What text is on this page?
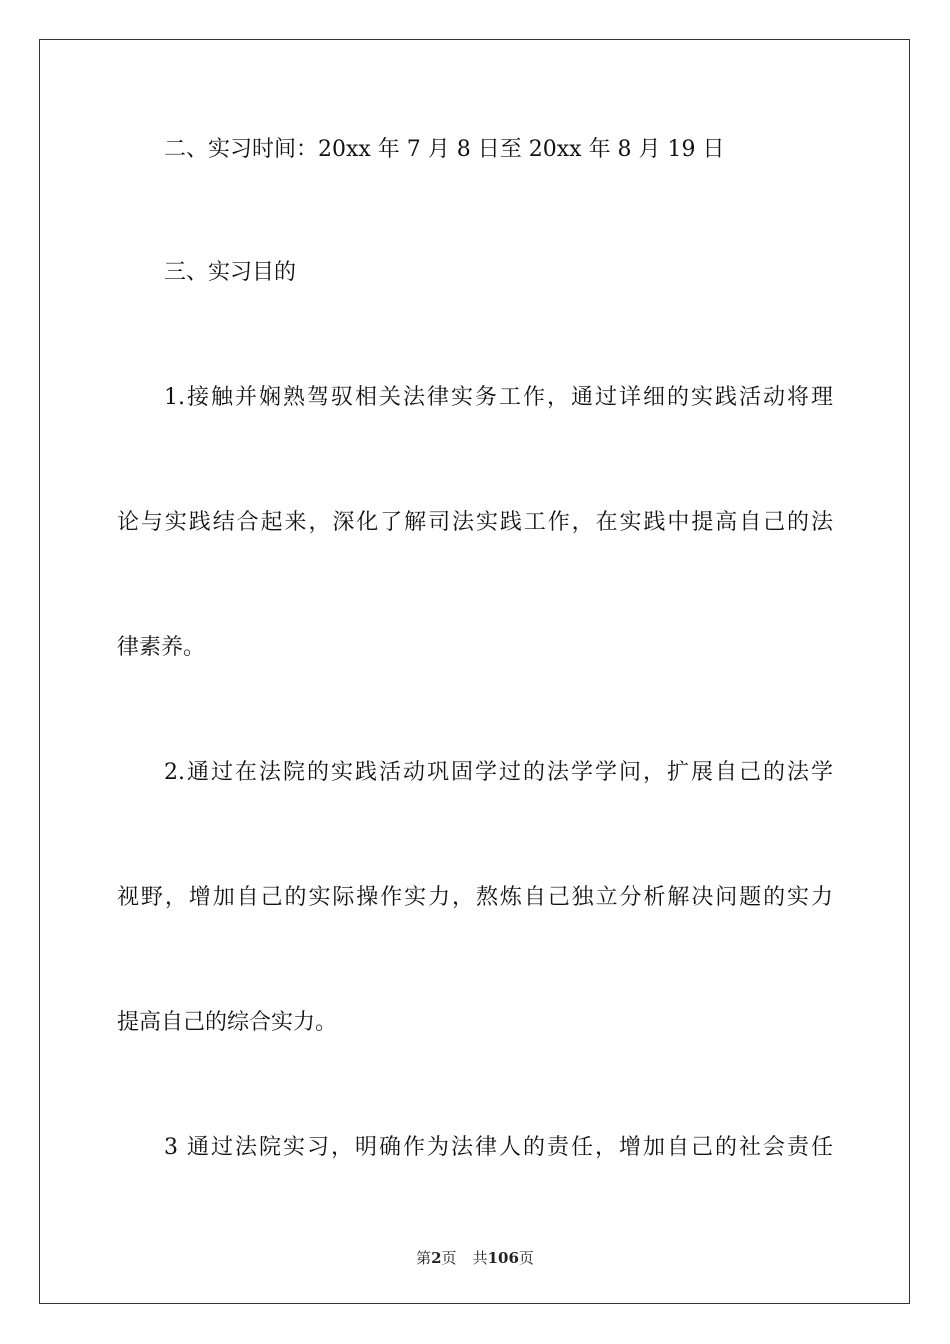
二、实习时间：20xx 年 7 月 8 日至 20xx 年 8 月 19 日
三、实习目的
1.接触并娴熟驾驭相关法律实务工作，通过详细的实践活动将理
论与实践结合起来，深化了解司法实践工作，在实践中提高自己的法
律素养。
2.通过在法院的实践活动巩固学过的法学学问，扩展自己的法学
视野，增加自己的实际操作实力，熬炼自己独立分析解决问题的实力
提高自己的综合实力。
3 通过法院实习，明确作为法律人的责任，增加自己的社会责任
第2页 共106页
